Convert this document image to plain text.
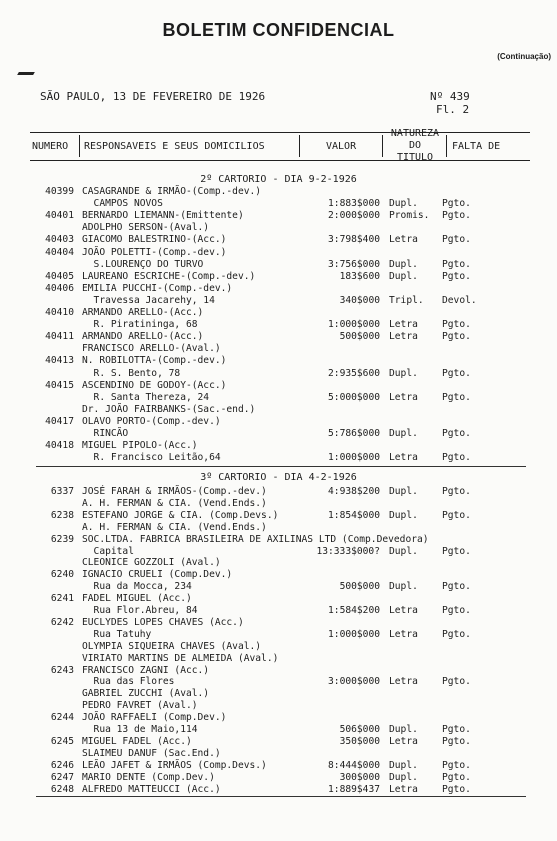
BOLETIM CONFIDENCIAL
(Continuação)
SÃO PAULO, 13 DE FEVEREIRO DE 1926	Nº 439
Fl. 2
NUMERO RESPONSAVEIS E SEUS DOMICILIOS	VALOR
NATUREZA
DO
TITULO
FALTA DE
2º CARTORIO - DIA 9-2-1926
40399 CASAGRANDE & IRMÃO-(Comp.-dev.)
CAMPOS NOVOS	1:883$000 Dupl.	Pgto.
40401 BERNARDO LIEMANN-(Emittente)	2:000$000 Promis. Pgto.
ADOLPHO SERSON-(Aval.)
40403 GIACOMO BALESTRINO-(Acc.)	3:798$400 Letra	Pgto.
40404 JOÃO POLETTI-(Comp.-dev.)
S.LOURENÇO DO TURVO	3:756$000 Dupl.	Pgto.
40405 LAUREANO ESCRICHE-(Comp.-dev.)	183$600 Dupl.	Pgto.
40406 EMILIA PUCCHI-(Comp.-dev.)
Travessa Jacarehy, 14	340$000 Tripl. Devol.
40410 ARMANDO ARELLO-(Acc.)
R. Piratininga, 68	1:000$000 Letra	Pgto.
40411 ARMANDO ARELLO-(Acc.)	500$000 Letra	Pgto.
FRANCISCO ARELLO-(Aval.)
40413 N. ROBILOTTA-(Comp.-dev.)
R. S. Bento, 78	2:935$600 Dupl.	Pgto.
40415 ASCENDINO DE GODOY-(Acc.)
R. Santa Thereza, 24	5:000$000 Letra	Pgto.
Dr. JOÃO FAIRBANKS-(Sac.-end.)
40417 OLAVO PORTO-(Comp.-dev.)
RINCÃO	5:786$000 Dupl.	Pgto.
40418 MIGUEL PIPOLO-(Acc.)
R. Francisco Leitão,64	1:000$000 Letra	Pgto.
3º CARTORIO - DIA 4-2-1926
6337 JOSÉ FARAH & IRMÃOS-(Comp.-dev.)	4:938$200 Dupl.	Pgto.
A. H. FERMAN & CIA. (Vend.Ends.)
6238 ESTEFANO JORGE & CIA. (Comp.Devs.)	1:854$000 Dupl.	Pgto.
A. H. FERMAN & CIA. (Vend.Ends.)
6239 SOC.LTDA. FABRICA BRASILEIRA DE AXILINAS LTD (Comp.Devedora)
Capital	13:333$000? Dupl.	Pgto.
CLEONICE GOZZOLI (Aval.)
6240 IGNACIO CRUELI (Comp.Dev.)
Rua da Mocca, 234	500$000 Dupl.	Pgto.
6241 FADEL MIGUEL (Acc.)
Rua Flor.Abreu, 84	1:584$200 Letra	Pgto.
6242 EUCLYDES LOPES CHAVES (Acc.)
Rua Tatuhy	1:000$000 Letra	Pgto.
OLYMPIA SIQUEIRA CHAVES (Aval.)
VIRIATO MARTINS DE ALMEIDA (Aval.)
6243 FRANCISCO ZAGNI (Acc.)
Rua das Flores	3:000$000 Letra	Pgto.
GABRIEL ZUCCHI (Aval.)
PEDRO FAVRET (Aval.)
6244 JOÃO RAFFAELI (Comp.Dev.)
Rua 13 de Maio,114	506$000 Dupl.	Pgto.
6245 MIGUEL FADEL (Acc.)	350$000 Letra	Pgto.
SLAIMEU DANUF (Sac.End.)
6246 LEÃO JAFET & IRMÃOS (Comp.Devs.)	8:444$000 Dupl.	Pgto.
6247 MARIO DENTE (Comp.Dev.)	300$000 Dupl.	Pgto.
6248 ALFREDO MATTEUCCI (Acc.)	1:889$437 Letra	Pgto.
